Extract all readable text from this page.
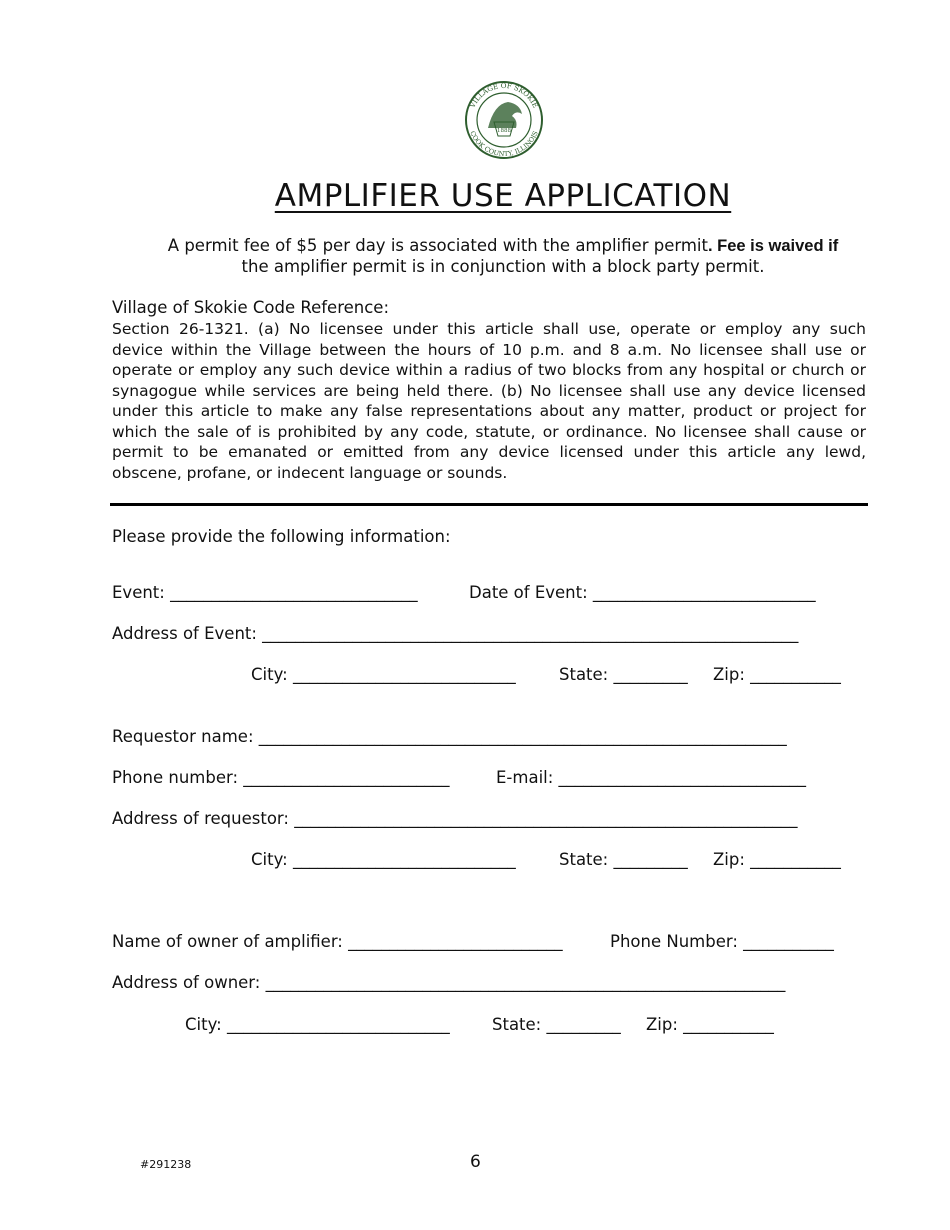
VILLAGE OF SKOKIE
COOK COUNTY, ILLINOIS
1888
AMPLIFIER USE APPLICATION
A permit fee of $5 per day is associated with the amplifier permit. Fee is waived if
the amplifier permit is in conjunction with a block party permit.
Village of Skokie Code Reference:
Section 26-1321. (a) No licensee under this article shall use, operate or employ any such
device within the Village between the hours of 10 p.m. and 8 a.m. No licensee shall use or
operate or employ any such device within a radius of two blocks from any hospital or church or
synagogue while services are being held there. (b) No licensee shall use any device licensed
under this article to make any false representations about any matter, product or project for
which the sale of is prohibited by any code, statute, or ordinance. No licensee shall cause or
permit to be emanated or emitted from any device licensed under this article any lewd,
obscene, profane, or indecent language or sounds.
Please provide the following information:
Event: ______________________________	Date of Event: ___________________________
Address of Event: _________________________________________________________________
City: ___________________________	State: _________ Zip: ___________
Requestor name: ________________________________________________________________
Phone number: _________________________	E-mail: ______________________________
Address of requestor: _____________________________________________________________
City: ___________________________	State: _________ Zip: ___________
Name of owner of amplifier: __________________________	Phone Number: ___________
Address of owner: _______________________________________________________________
City: ___________________________	State: _________ Zip: ___________
#291238	6
